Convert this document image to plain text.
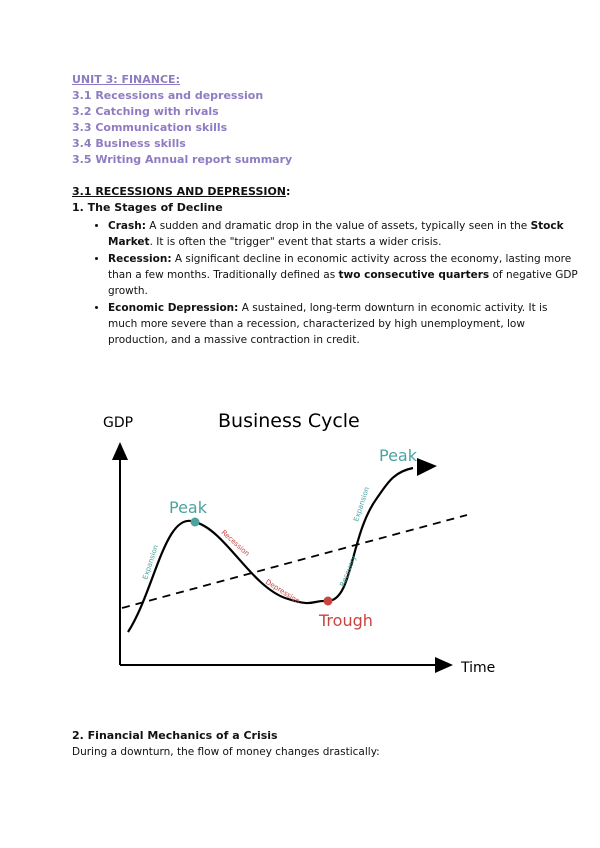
UNIT 3: FINANCE:
3.1 Recessions and depression
3.2 Catching with rivals
3.3 Communication skills
3.4 Business skills
3.5 Writing Annual report summary
3.1 RECESSIONS AND DEPRESSION:
1. The Stages of Decline
• Crash: A sudden and dramatic drop in the value of assets, typically seen in the Stock Market. It is often the "trigger" event that starts a wider crisis.
• Recession: A significant decline in economic activity across the economy, lasting more than a few months. Traditionally defined as two consecutive quarters of negative GDP growth.
• Economic Depression: A sustained, long-term downturn in economic activity. It is much more severe than a recession, characterized by high unemployment, low production, and a massive contraction in credit.
GDP
Time
Business Cycle
Peak
Peak
Trough
Expansion
Recession
Depression
Recovery
Expansion
2. Financial Mechanics of a Crisis
During a downturn, the flow of money changes drastically:
